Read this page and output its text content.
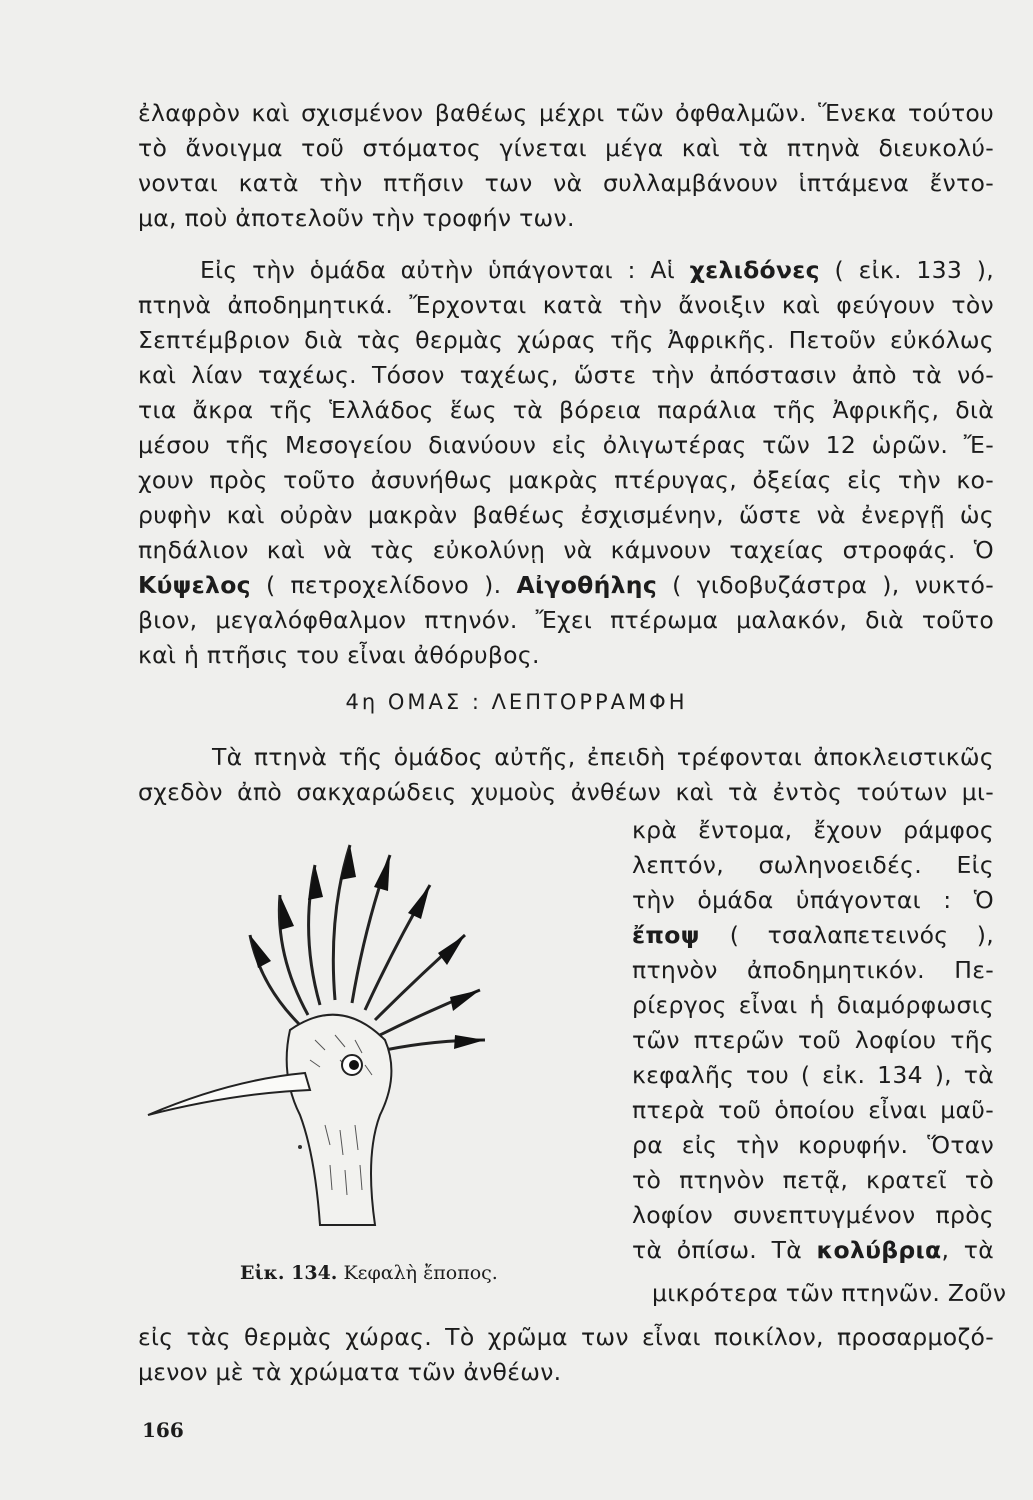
ἐλαφρὸν καὶ σχισμένον βαθέως μέχρι τῶν ὀφθαλμῶν. Ἕνεκα τούτου
τὸ ἄνοιγμα τοῦ στόματος γίνεται μέγα καὶ τὰ πτηνὰ διευκολύ-
νονται κατὰ τὴν πτῆσιν των νὰ συλλαμβάνουν ἱπτάμενα ἔντο-
μα, ποὺ ἀποτελοῦν τὴν τροφήν των.
Εἰς τὴν ὁμάδα αὐτὴν ὑπάγονται : Αἱ χελιδόνες ( εἰκ. 133 ),
πτηνὰ ἀποδημητικά. Ἔρχονται κατὰ τὴν ἄνοιξιν καὶ φεύγουν τὸν
Σεπτέμβριον διὰ τὰς θερμὰς χώρας τῆς Ἀφρικῆς. Πετοῦν εὐκόλως
καὶ λίαν ταχέως. Τόσον ταχέως, ὥστε τὴν ἀπόστασιν ἀπὸ τὰ νό-
τια ἄκρα τῆς Ἑλλάδος ἕως τὰ βόρεια παράλια τῆς Ἀφρικῆς, διὰ
μέσου τῆς Μεσογείου διανύουν εἰς ὀλιγωτέρας τῶν 12 ὡρῶν. Ἔ-
χουν πρὸς τοῦτο ἀσυνήθως μακρὰς πτέρυγας, ὀξείας εἰς τὴν κο-
ρυφὴν καὶ οὐρὰν μακρὰν βαθέως ἐσχισμένην, ὥστε νὰ ἐνεργῇ ὡς
πηδάλιον καὶ νὰ τὰς εὐκολύνῃ νὰ κάμνουν ταχείας στροφάς. Ὁ
Κύψελος ( πετροχελίδονο ). Αἰγοθήλης ( γιδοβυζάστρα ), νυκτό-
βιον, μεγαλόφθαλμον πτηνόν. Ἔχει πτέρωμα μαλακόν, διὰ τοῦτο
καὶ ἡ πτῆσις του εἶναι ἀθόρυβος.
4η ΟΜΑΣ : ΛΕΠΤΟΡΡΑΜΦΗ
Τὰ πτηνὰ τῆς ὁμάδος αὐτῆς, ἐπειδὴ τρέφονται ἀποκλειστικῶς
σχεδὸν ἀπὸ σακχαρώδεις χυμοὺς ἀνθέων καὶ τὰ ἐντὸς τούτων μι-
κρὰ ἔντομα, ἔχουν ράμφος
λεπτόν, σωληνοειδές. Εἰς
τὴν ὁμάδα ὑπάγονται : Ὁ
ἔποψ ( τσαλαπετεινός ),
πτηνὸν ἀποδημητικόν. Πε-
ρίεργος εἶναι ἡ διαμόρφωσις
τῶν πτερῶν τοῦ λοφίου τῆς
κεφαλῆς του ( εἰκ. 134 ), τὰ
πτερὰ τοῦ ὁποίου εἶναι μαῦ-
ρα εἰς τὴν κορυφήν. Ὅταν
τὸ πτηνὸν πετᾷ, κρατεῖ τὸ
λοφίον συνεπτυγμένον πρὸς
τὰ ὀπίσω. Τὰ κολύβρια, τὰ
μικρότερα τῶν πτηνῶν. Ζοῦν
εἰς τὰς θερμὰς χώρας. Τὸ χρῶμα των εἶναι ποικίλον, προσαρμοζό-
μενον μὲ τὰ χρώματα τῶν ἀνθέων.
Εἰκ. 134. Κεφαλὴ ἔποπος.
166
